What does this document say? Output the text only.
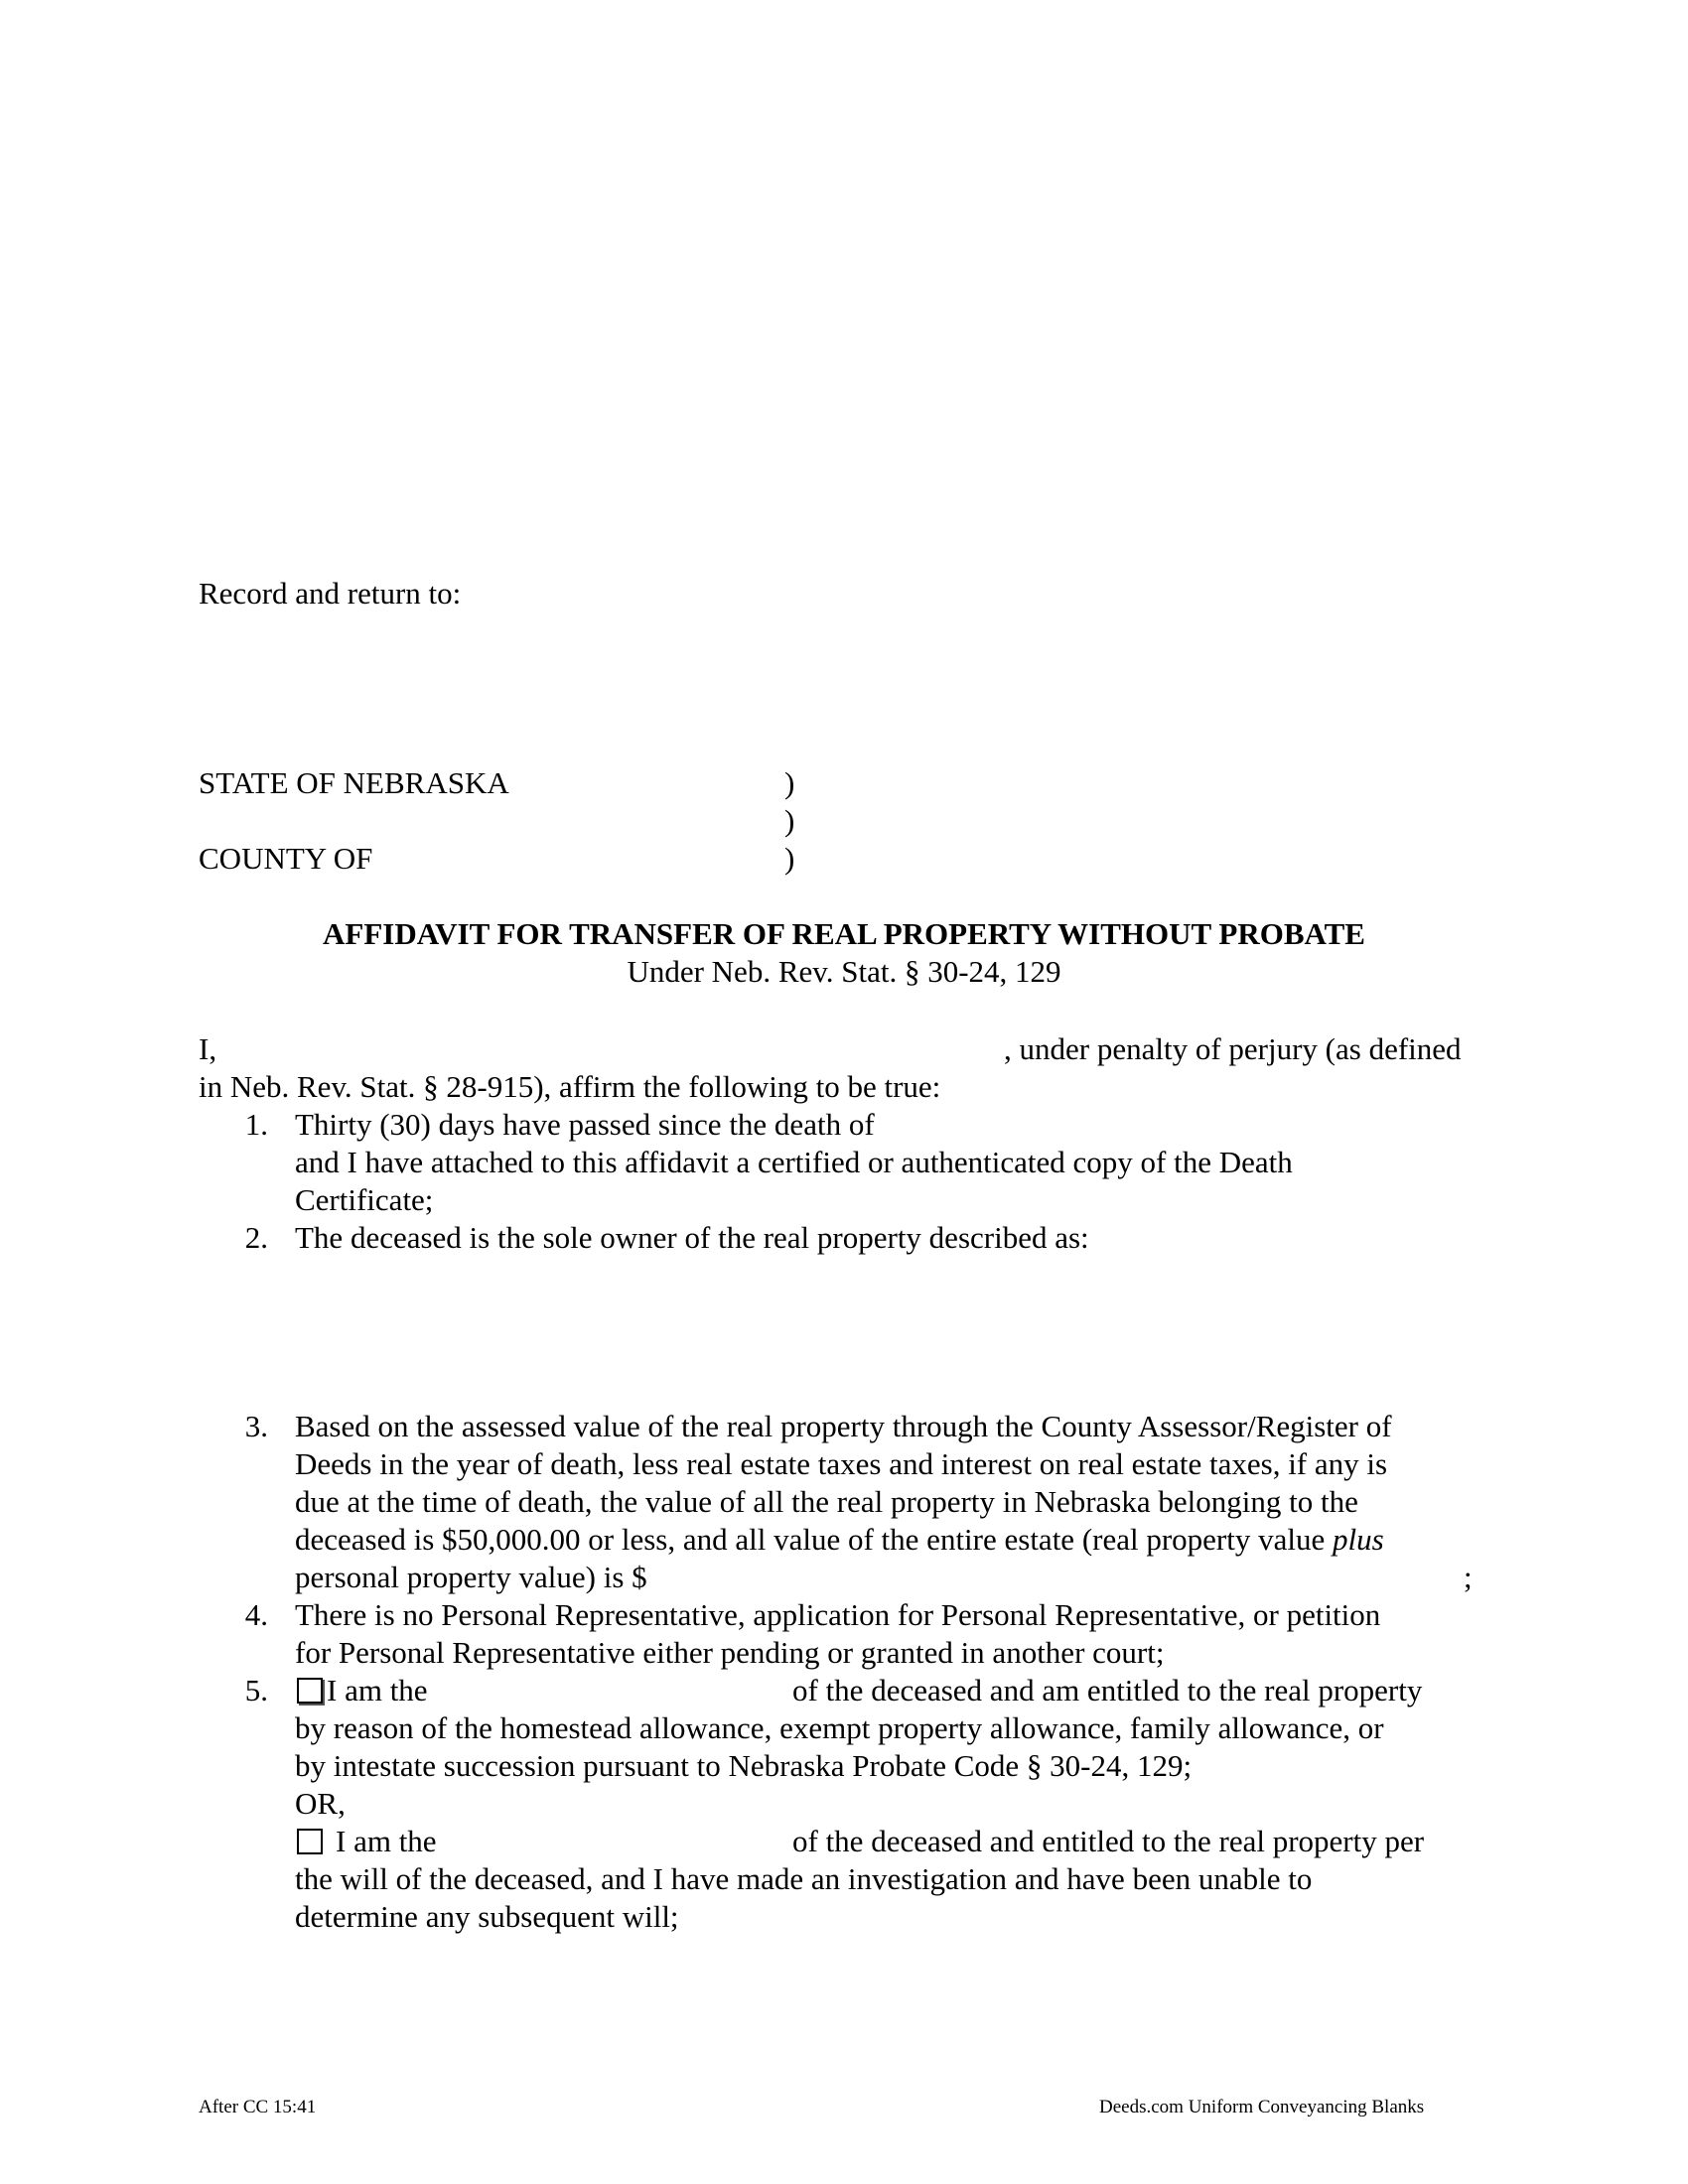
Record and return to:
STATE OF NEBRASKA	)
)
COUNTY OF	)
AFFIDAVIT FOR TRANSFER OF REAL PROPERTY WITHOUT PROBATE
Under Neb. Rev. Stat. § 30-24, 129
I,	, under penalty of perjury (as defined
in Neb. Rev. Stat. § 28-915), affirm the following to be true:
1. Thirty (30) days have passed since the death of
and I have attached to this affidavit a certified or authenticated copy of the Death
Certificate;
2. The deceased is the sole owner of the real property described as:
3. Based on the assessed value of the real property through the County Assessor/Register of
Deeds in the year of death, less real estate taxes and interest on real estate taxes, if any is
due at the time of death, the value of all the real property in Nebraska belonging to the
deceased is $50,000.00 or less, and all value of the entire estate (real property value plus
personal property value) is $	;
4. There is no Personal Representative, application for Personal Representative, or petition
for Personal Representative either pending or granted in another court;
5. I am the	of the deceased and am entitled to the real property
by reason of the homestead allowance, exempt property allowance, family allowance, or
by intestate succession pursuant to Nebraska Probate Code § 30-24, 129;
OR,
I am the	of the deceased and entitled to the real property per
the will of the deceased, and I have made an investigation and have been unable to
determine any subsequent will;
After CC 15:41	Deeds.com Uniform Conveyancing Blanks
